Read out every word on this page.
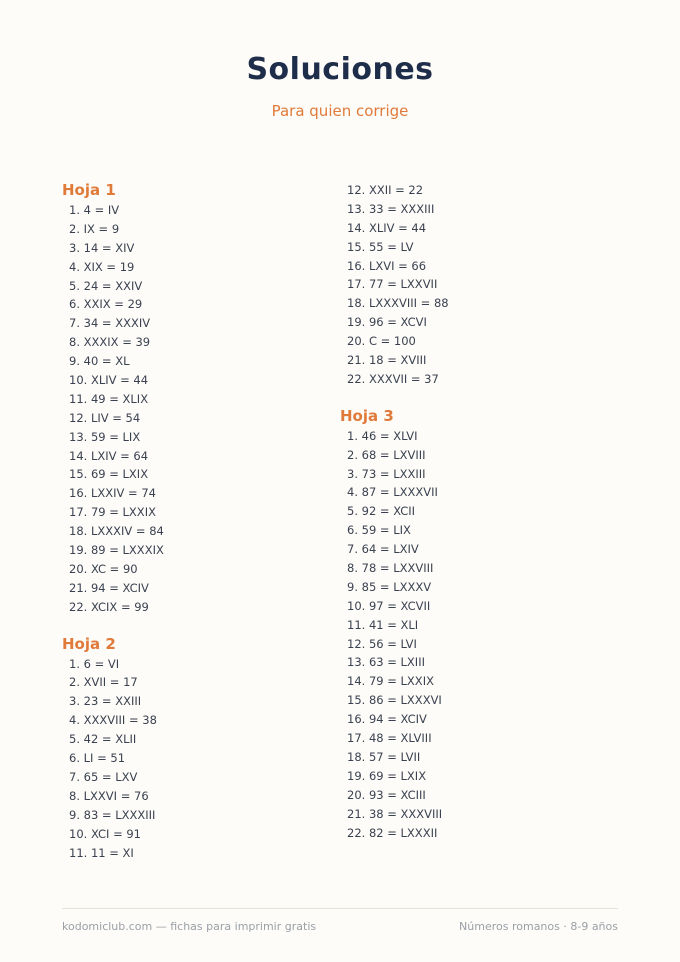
Soluciones
Para quien corrige
Hoja 1
1. 4 = IV
2. IX = 9
3. 14 = XIV
4. XIX = 19
5. 24 = XXIV
6. XXIX = 29
7. 34 = XXXIV
8. XXXIX = 39
9. 40 = XL
10. XLIV = 44
11. 49 = XLIX
12. LIV = 54
13. 59 = LIX
14. LXIV = 64
15. 69 = LXIX
16. LXXIV = 74
17. 79 = LXXIX
18. LXXXIV = 84
19. 89 = LXXXIX
20. XC = 90
21. 94 = XCIV
22. XCIX = 99
Hoja 2
1. 6 = VI
2. XVII = 17
3. 23 = XXIII
4. XXXVIII = 38
5. 42 = XLII
6. LI = 51
7. 65 = LXV
8. LXXVI = 76
9. 83 = LXXXIII
10. XCI = 91
11. 11 = XI
12. XXII = 22
13. 33 = XXXIII
14. XLIV = 44
15. 55 = LV
16. LXVI = 66
17. 77 = LXXVII
18. LXXXVIII = 88
19. 96 = XCVI
20. C = 100
21. 18 = XVIII
22. XXXVII = 37
Hoja 3
1. 46 = XLVI
2. 68 = LXVIII
3. 73 = LXXIII
4. 87 = LXXXVII
5. 92 = XCII
6. 59 = LIX
7. 64 = LXIV
8. 78 = LXXVIII
9. 85 = LXXXV
10. 97 = XCVII
11. 41 = XLI
12. 56 = LVI
13. 63 = LXIII
14. 79 = LXXIX
15. 86 = LXXXVI
16. 94 = XCIV
17. 48 = XLVIII
18. 57 = LVII
19. 69 = LXIX
20. 93 = XCIII
21. 38 = XXXVIII
22. 82 = LXXXII
kodomiclub.com — fichas para imprimir gratis	Números romanos · 8-9 años
